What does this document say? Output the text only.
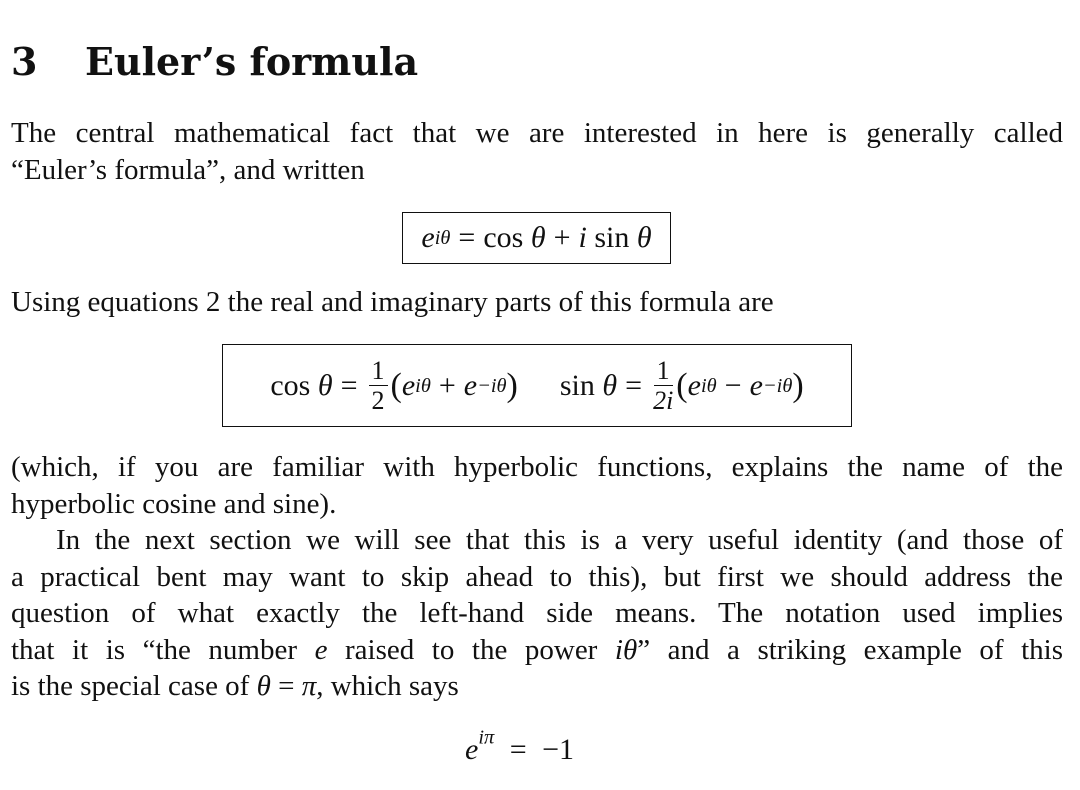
3 Euler’s formula
The central mathematical fact that we are interested in here is generally called
“Euler’s formula”, and written
e iθ = cos
θ + i
sin
θ
Using equations 2 the real and imaginary parts of this formula are
cos
$\theta = \frac{1}{2}$ ( e iθ + e −iθ ) sin
$\theta = \frac{1}{2i}$ ( e iθ − e −iθ )
(which, if you are familiar with hyperbolic functions, explains the name of the
hyperbolic cosine and sine).
In the next section we will see that this is a very useful identity (and those of
a practical bent may want to skip ahead to this), but first we should address the
question of what exactly the left-hand side means. The notation used implies
that it is “the number e raised to the power iθ” and a striking example of this
is the special case of θ = π, which says
$e^{i\pi} = -1$
